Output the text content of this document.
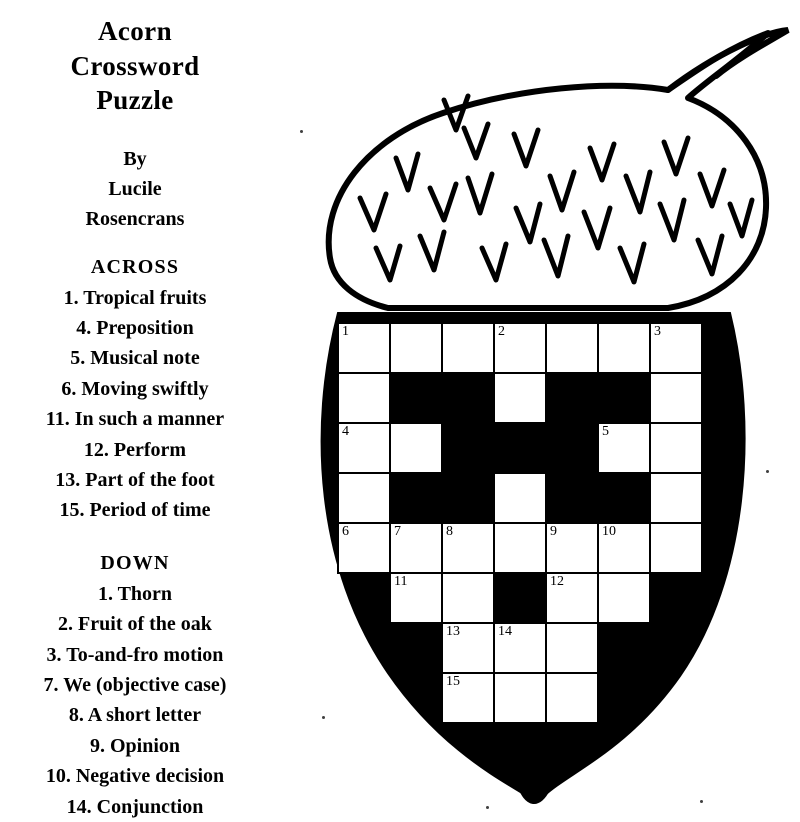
Acorn
Crossword
Puzzle
By
Lucile
Rosencrans
ACROSS
1. Tropical fruits
4. Preposition
5. Musical note
6. Moving swiftly
11. In such a manner
12. Perform
13. Part of the foot
15. Period of time
DOWN
1. Thorn
2. Fruit of the oak
3. To-and-fro motion
7. We (objective case)
8. A short letter
9. Opinion
10. Negative decision
14. Conjunction
1	2	3
4	5
6	7	8	9	10
11	12
13	14
15
